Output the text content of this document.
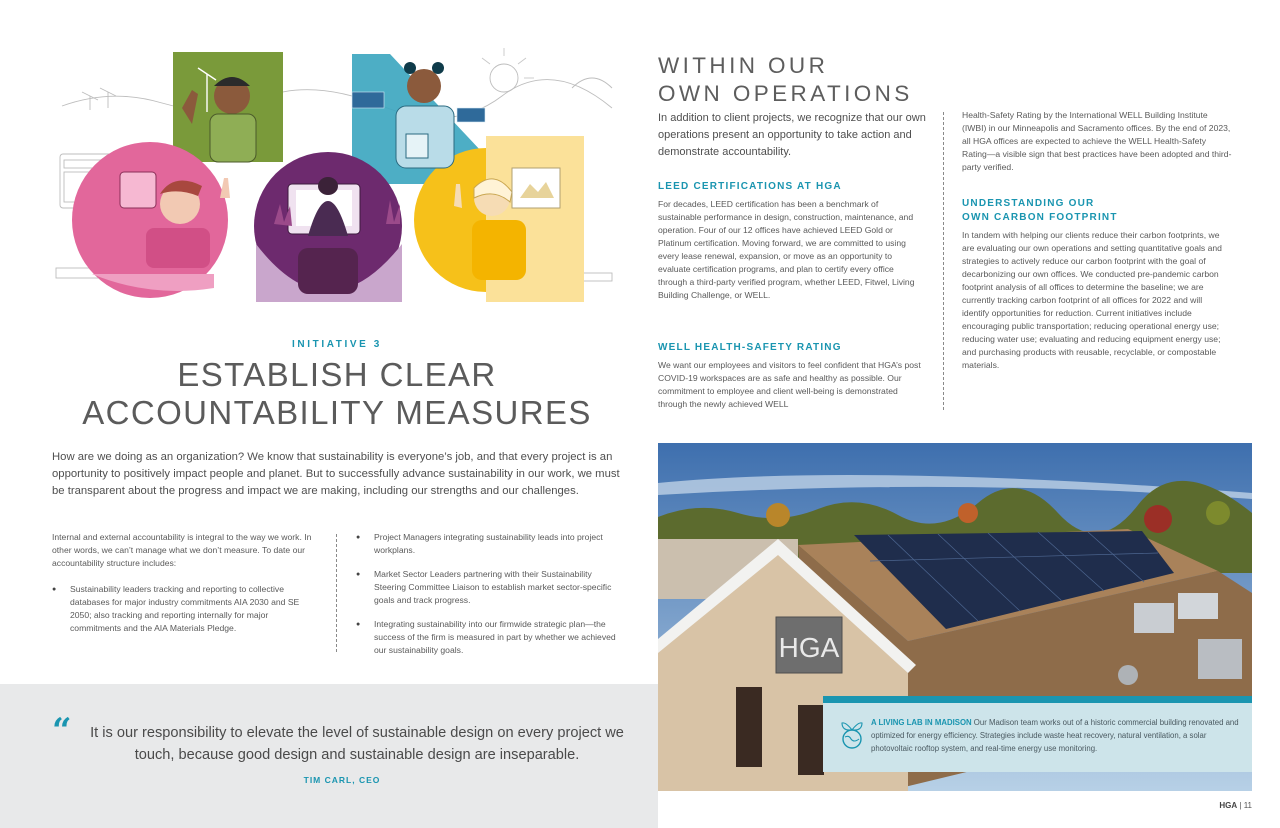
INITIATIVE 3
ESTABLISH CLEAR
ACCOUNTABILITY MEASURES
How are we doing as an organization? We know that sustainability is everyone’s job, and that every project is an opportunity to positively impact people and planet. But to successfully advance sustainability in our work, we must be transparent about the progress and impact we are making, including our strengths and our challenges.

Internal and external accountability is integral to the way we work. In other words, we can’t manage what we don’t measure. To date our accountability structure includes:

● Sustainability leaders tracking and reporting to collective databases for major industry commitments AIA 2030 and SE 2050; also tracking and reporting internally for major commitments and the AIA Materials Pledge.
● Project Managers integrating sustainability leads into project workplans.
● Market Sector Leaders partnering with their Sustainability Steering Committee Liaison to establish market sector-specific goals and track progress.
● Integrating sustainability into our firmwide strategic plan—the success of the firm is measured in part by whether we achieved our sustainability goals.
“	It is our responsibility to elevate the level of sustainable design on every project we touch, because good design and sustainable design are inseparable.
TIM CARL, CEO
WITHIN OUR
OWN OPERATIONS
In addition to client projects, we recognize that our own operations present an opportunity to take action and demonstrate accountability.
LEED CERTIFICATIONS AT HGA
For decades, LEED certification has been a benchmark of sustainable performance in design, construction, maintenance, and operation. Four of our 12 offices have achieved LEED Gold or Platinum certification. Moving forward, we are committed to using every lease renewal, expansion, or move as an opportunity to evaluate certification programs, and plan to certify every office through a third-party verified program, whether LEED, Fitwel, Living Building Challenge, or WELL.
WELL HEALTH-SAFETY RATING
We want our employees and visitors to feel confident that HGA’s post COVID-19 workspaces are as safe and healthy as possible. Our commitment to employee and client well-being is demonstrated through the newly achieved WELL
Health-Safety Rating by the International WELL Building Institute (IWBI) in our Minneapolis and Sacramento offices. By the end of 2023, all HGA offices are expected to achieve the WELL Health-Safety Rating—a visible sign that best practices have been adopted and third-party verified.
UNDERSTANDING OUR
OWN CARBON FOOTPRINT
In tandem with helping our clients reduce their carbon footprints, we are evaluating our own operations and setting quantitative goals and strategies to actively reduce our carbon footprint with the goal of decarbonizing our own offices. We conducted pre-pandemic carbon footprint analysis of all offices to determine the baseline; we are currently tracking carbon footprint of all offices for 2022 and will identify opportunities for reduction. Current initiatives include encouraging public transportation; reducing operational energy use; reducing water use; evaluating and reducing equipment energy use; and purchasing products with reusable, recyclable, or compostable materials.
HGA
A LIVING LAB IN MADISON Our Madison team works out of a historic commercial building renovated and optimized for energy efficiency. Strategies include waste heat recovery, natural ventilation, a solar photovoltaic rooftop system, and real-time energy use monitoring.
HGA | 11
